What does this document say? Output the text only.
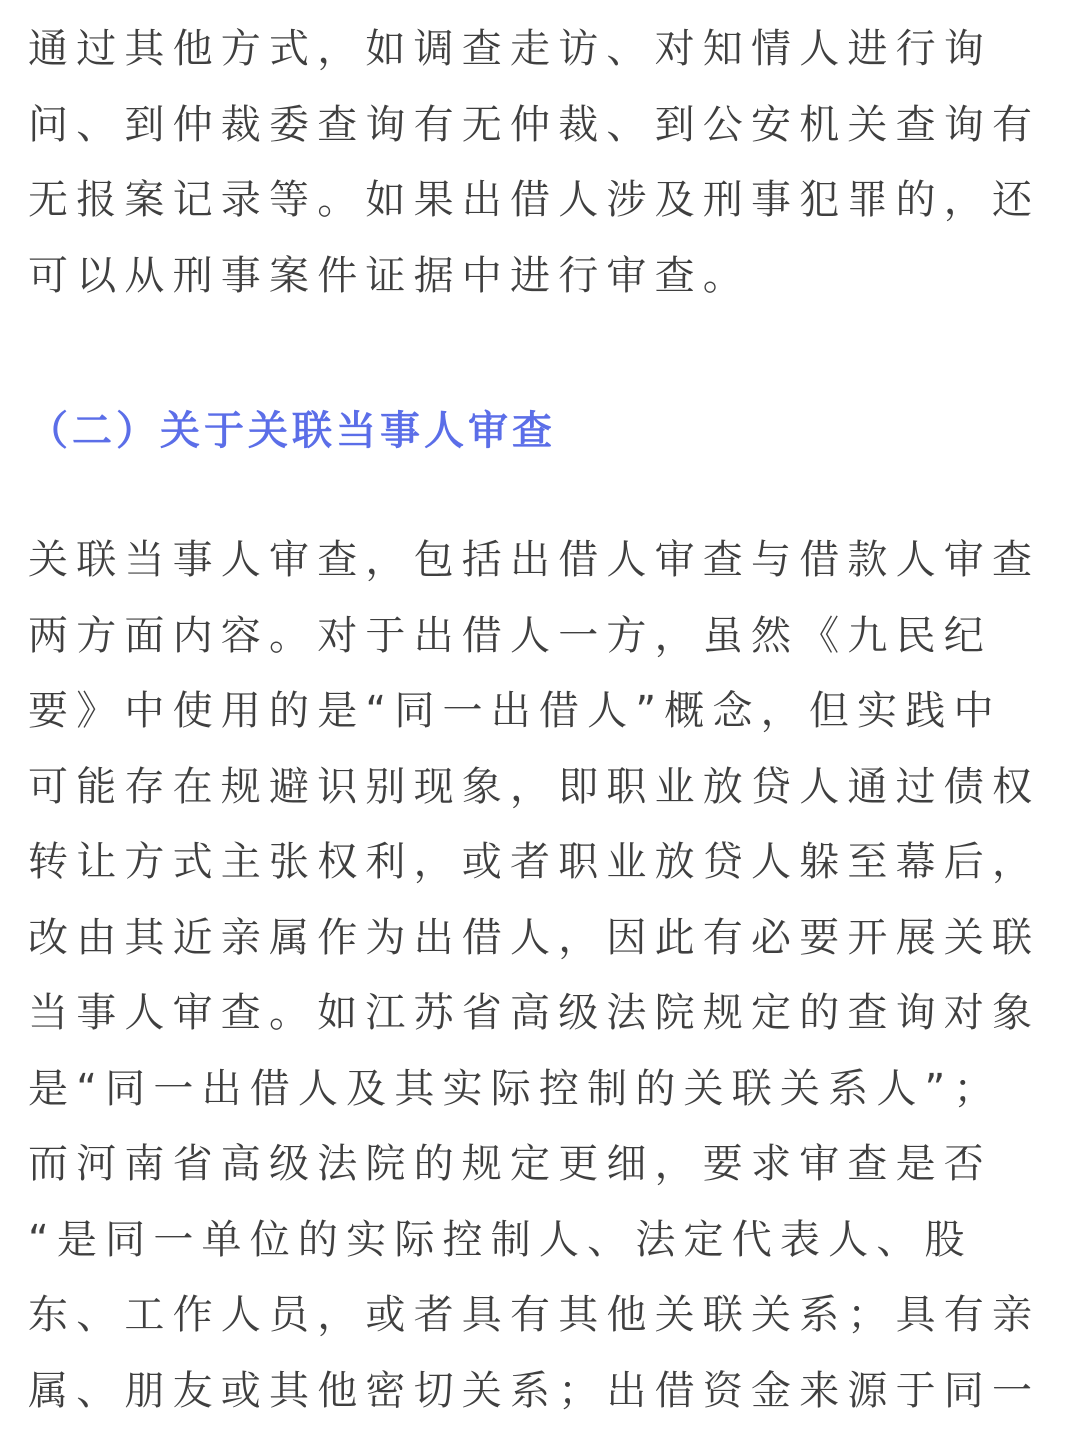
通过其他方式，如调查走访、对知情人进行询
问、到仲裁委查询有无仲裁、到公安机关查询有
无报案记录等。如果出借人涉及刑事犯罪的，还
可以从刑事案件证据中进行审查。
（二）关于关联当事人审查
关联当事人审查，包括出借人审查与借款人审查
两方面内容。对于出借人一方，虽然《九民纪
要》中使用的是“同一出借人”概念，但实践中
可能存在规避识别现象，即职业放贷人通过债权
转让方式主张权利，或者职业放贷人躲至幕后，
改由其近亲属作为出借人，因此有必要开展关联
当事人审查。如江苏省高级法院规定的查询对象
是“同一出借人及其实际控制的关联关系人”；
而河南省高级法院的规定更细，要求审查是否
“是同一单位的实际控制人、法定代表人、股
东、工作人员，或者具有其他关联关系；具有亲
属、朋友或其他密切关系；出借资金来源于同一
